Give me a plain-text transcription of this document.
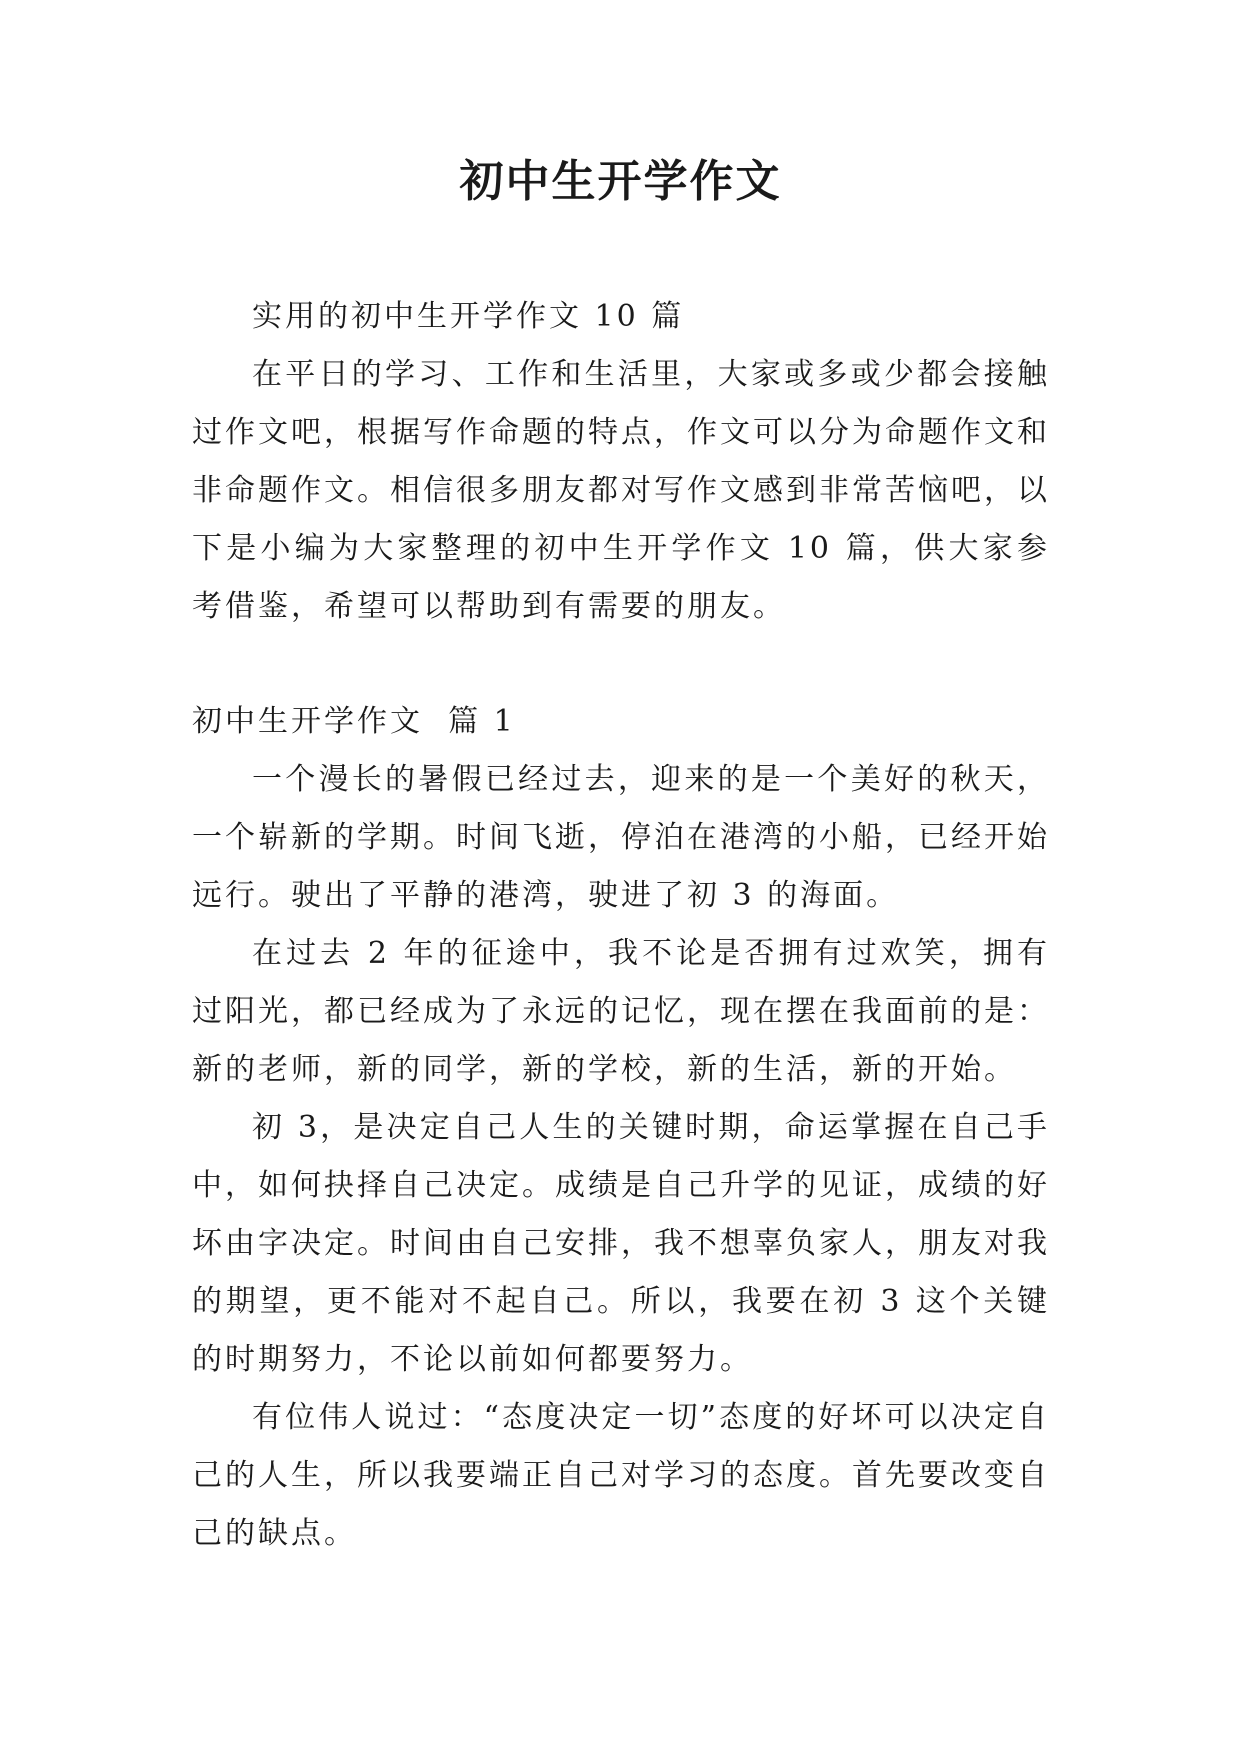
初中生开学作文

实用的初中生开学作文 10 篇

在平日的学习、工作和生活里，大家或多或少都会接触过作文吧，根据写作命题的特点，作文可以分为命题作文和非命题作文。相信很多朋友都对写作文感到非常苦恼吧，以下是小编为大家整理的初中生开学作文 10 篇，供大家参考借鉴，希望可以帮助到有需要的朋友。

初中生开学作文  篇 1

一个漫长的暑假已经过去，迎来的是一个美好的秋天，一个崭新的学期。时间飞逝，停泊在港湾的小船，已经开始远行。驶出了平静的港湾，驶进了初 3 的海面。

在过去 2 年的征途中，我不论是否拥有过欢笑，拥有过阳光，都已经成为了永远的记忆，现在摆在我面前的是：新的老师，新的同学，新的学校，新的生活，新的开始。

初 3，是决定自己人生的关键时期，命运掌握在自己手中，如何抉择自己决定。成绩是自己升学的见证，成绩的好坏由字决定。时间由自己安排，我不想辜负家人，朋友对我的期望，更不能对不起自己。所以，我要在初 3 这个关键的时期努力，不论以前如何都要努力。

有位伟人说过：“态度决定一切”态度的好坏可以决定自己的人生，所以我要端正自己对学习的态度。首先要改变自己的缺点。
